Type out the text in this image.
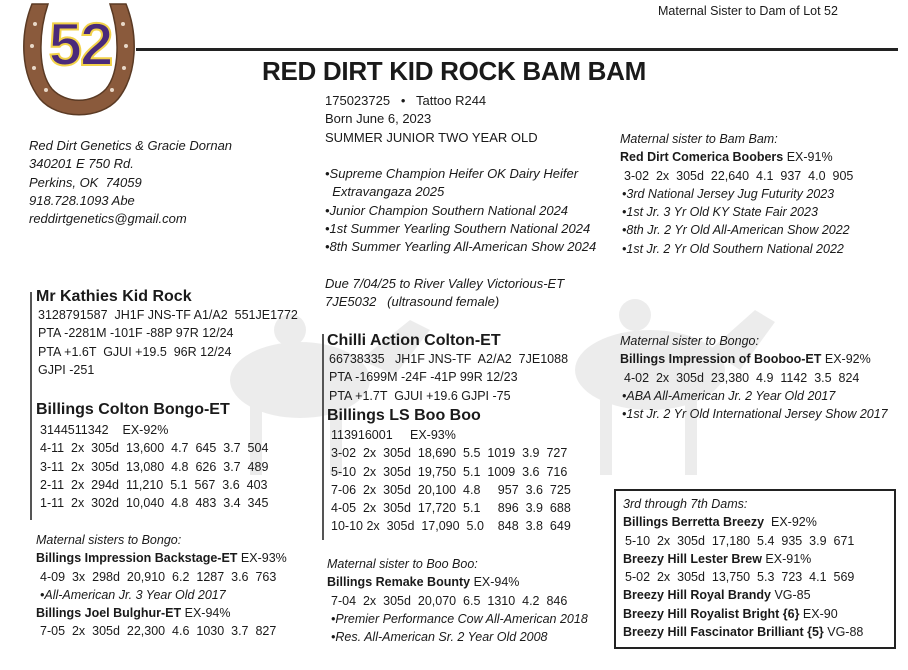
3
52	Maternal Sister to Dam of Lot 52
RED DIRT KID ROCK BAM BAM
Red Dirt Genetics & Gracie Dornan
340201 E 750 Rd.
Perkins, OK  74059
918.728.1093 Abe
reddirtgenetics@gmail.com
175023725   •   Tattoo R244
Born June 6, 2023
SUMMER JUNIOR TWO YEAR OLD
•Supreme Champion Heifer OK Dairy Heifer
Extravangaza 2025
•Junior Champion Southern National 2024
•1st Summer Yearling Southern National 2024
•8th Summer Yearling All-American Show 2024
Due 7/04/25 to River Valley Victorious-ET
7JE5032   (ultrasound female)
Mr Kathies Kid Rock
3128791587  JH1F JNS-TF A1/A2  551JE1772
PTA -2281M -101F -88P 97R 12/24
PTA +1.6T  GJUI +19.5  96R 12/24
GJPI -251
Billings Colton Bongo-ET
3144511342    EX-92%
4-11  2x  305d  13,600  4.7  645  3.7  504
3-11  2x  305d  13,080  4.8  626  3.7  489
2-11  2x  294d  11,210  5.1  567  3.6  403
1-11  2x  302d  10,040  4.8  483  3.4  345
Maternal sisters to Bongo:
Billings Impression Backstage-ET EX-93%
4-09  3x  298d  20,910  6.2  1287  3.6  763
•All-American Jr. 3 Year Old 2017
Billings Joel Bulghur-ET EX-94%
7-05  2x  305d  22,300  4.6  1030  3.7  827
Chilli Action Colton-ET
66738335   JH1F JNS-TF  A2/A2  7JE1088
PTA -1699M -24F -41P 99R 12/23
PTA +1.7T  GJUI +19.6 GJPI -75
Billings LS Boo Boo
113916001     EX-93%
3-02  2x  305d  18,690  5.5  1019  3.9  727
5-10  2x  305d  19,750  5.1  1009  3.6  716
7-06  2x  305d  20,100  4.8     957  3.6  725
4-05  2x  305d  17,720  5.1     896  3.9  688
10-10 2x  305d  17,090  5.0    848  3.8  649
Maternal sister to Boo Boo:
Billings Remake Bounty EX-94%
7-04  2x  305d  20,070  6.5  1310  4.2  846
•Premier Performance Cow All-American 2018
•Res. All-American Sr. 2 Year Old 2008
Maternal sister to Bam Bam:
Red Dirt Comerica Boobers EX-91%
3-02  2x  305d  22,640  4.1  937  4.0  905
•3rd National Jersey Jug Futurity 2023
•1st Jr. 3 Yr Old KY State Fair 2023
•8th Jr. 2 Yr Old All-American Show 2022
•1st Jr. 2 Yr Old Southern National 2022
Maternal sister to Bongo:
Billings Impression of Booboo-ET EX-92%
4-02  2x  305d  23,380  4.9  1142  3.5  824
•ABA All-American Jr. 2 Year Old 2017
•1st Jr. 2 Yr Old International Jersey Show 2017
3rd through 7th Dams:
Billings Berretta Breezy  EX-92%
5-10  2x  305d  17,180  5.4  935  3.9  671
Breezy Hill Lester Brew EX-91%
5-02  2x  305d  13,750  5.3  723  4.1  569
Breezy Hill Royal Brandy VG-85
Breezy Hill Royalist Bright {6} EX-90
Breezy Hill Fascinator Brilliant {5} VG-88
